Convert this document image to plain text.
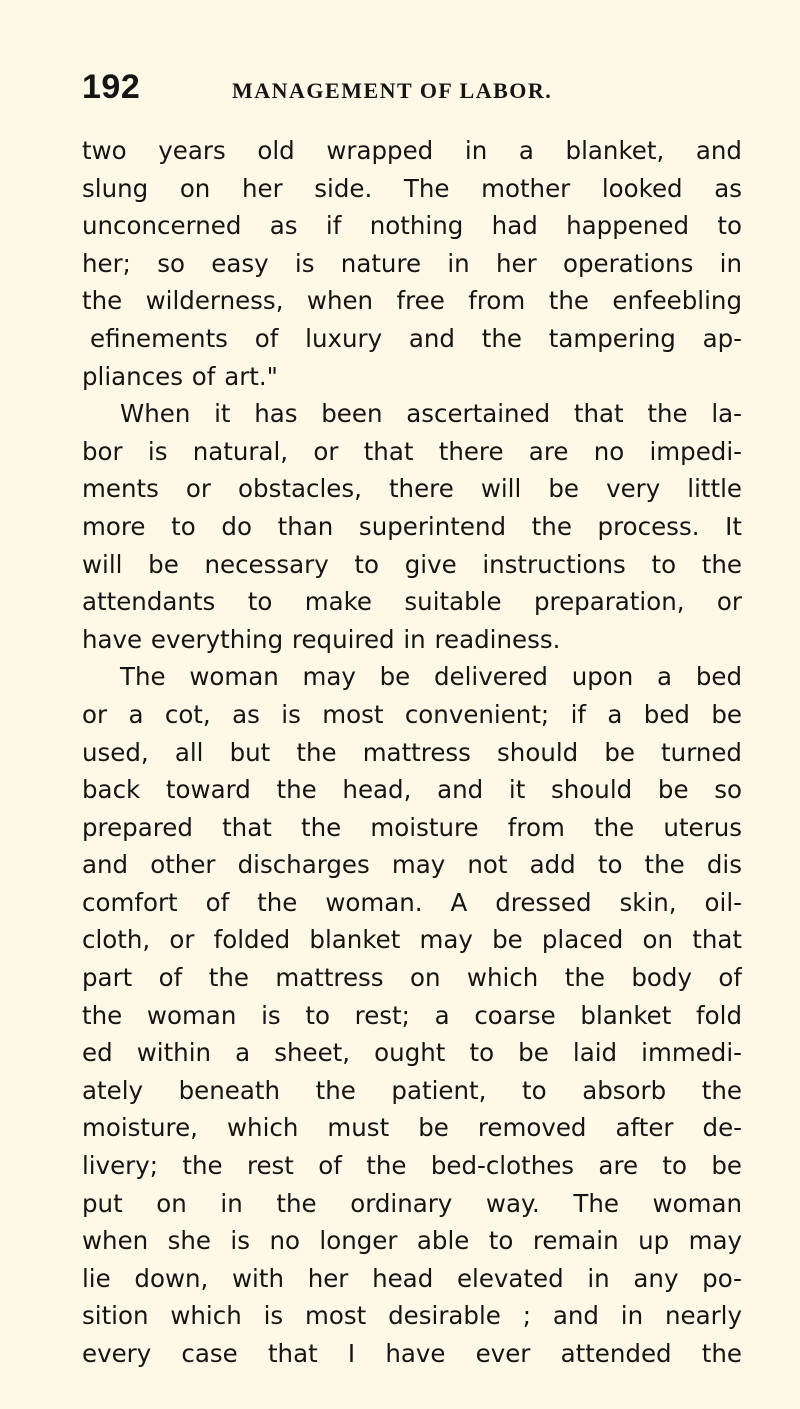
192	MANAGEMENT OF LABOR.
two years old wrapped in a blanket, and
slung on her side. The mother looked as
unconcerned as if nothing had happened to
her; so easy is nature in her operations in
the wilderness, when free from the enfeebling
efinements of luxury and the tampering ap-
pliances of art."
When it has been ascertained that the la-
bor is natural, or that there are no impedi-
ments or obstacles, there will be very little
more to do than superintend the process. It
will be necessary to give instructions to the
attendants to make suitable preparation, or
have everything required in readiness.
The woman may be delivered upon a bed
or a cot, as is most convenient; if a bed be
used, all but the mattress should be turned
back toward the head, and it should be so
prepared that the moisture from the uterus
and other discharges may not add to the dis
comfort of the woman. A dressed skin, oil-
cloth, or folded blanket may be placed on that
part of the mattress on which the body of
the woman is to rest; a coarse blanket fold
ed within a sheet, ought to be laid immedi-
ately beneath the patient, to absorb the
moisture, which must be removed after de-
livery; the rest of the bed-clothes are to be
put on in the ordinary way. The woman
when she is no longer able to remain up may
lie down, with her head elevated in any po-
sition which is most desirable ; and in nearly
every case that I have ever attended the
